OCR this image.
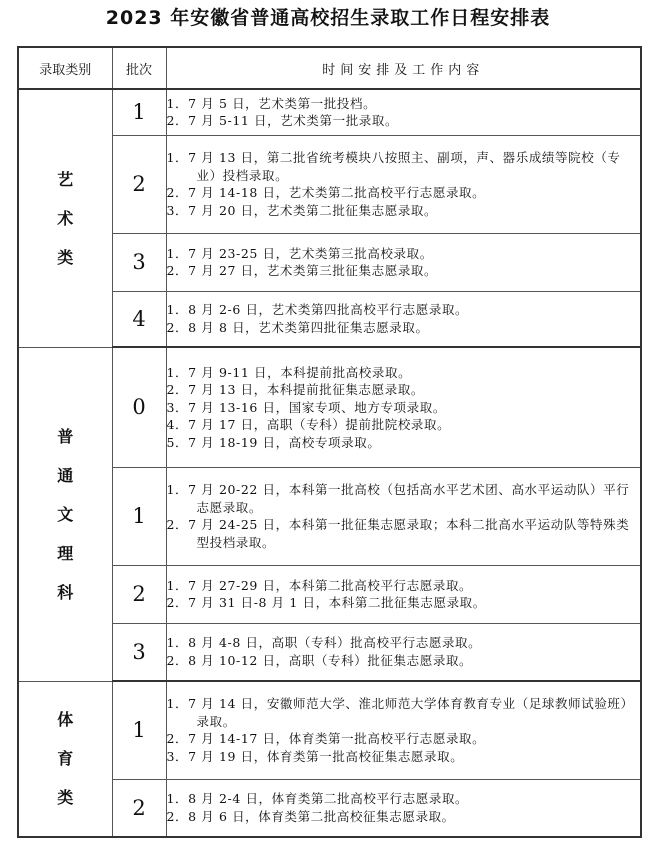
2023 年安徽省普通高校招生录取工作日程安排表
录取类别	批次	时间安排及工作内容

艺
术
类	1	1．7 月 5 日，艺术类第一批投档。
2．7 月 5-11 日，艺术类第一批录取。

	2	1．7 月 13 日，第二批省统考模块八按照主、副项，声、器乐成绩等院校（专业）投档录取。
2．7 月 14-18 日，艺术类第二批高校平行志愿录取。
3．7 月 20 日，艺术类第二批征集志愿录取。

	3	1．7 月 23-25 日，艺术类第三批高校录取。
2．7 月 27 日，艺术类第三批征集志愿录取。

	4	1．8 月 2-6 日，艺术类第四批高校平行志愿录取。
2．8 月 8 日，艺术类第四批征集志愿录取。

普
通
文
理
科	0	1．7 月 9-11 日，本科提前批高校录取。
2．7 月 13 日，本科提前批征集志愿录取。
3．7 月 13-16 日，国家专项、地方专项录取。
4．7 月 17 日，高职（专科）提前批院校录取。
5．7 月 18-19 日，高校专项录取。

	1	1．7 月 20-22 日，本科第一批高校（包括高水平艺术团、高水平运动队）平行志愿录取。
2．7 月 24-25 日，本科第一批征集志愿录取；本科二批高水平运动队等特殊类型投档录取。

	2	1．7 月 27-29 日，本科第二批高校平行志愿录取。
2．7 月 31 日-8 月 1 日，本科第二批征集志愿录取。

	3	1．8 月 4-8 日，高职（专科）批高校平行志愿录取。
2．8 月 10-12 日，高职（专科）批征集志愿录取。

体
育
类	1	1．7 月 14 日，安徽师范大学、淮北师范大学体育教育专业（足球教师试验班）录取。
2．7 月 14-17 日，体育类第一批高校平行志愿录取。
3．7 月 19 日，体育类第一批高校征集志愿录取。

	2	1．8 月 2-4 日，体育类第二批高校平行志愿录取。
2．8 月 6 日，体育类第二批高校征集志愿录取。
